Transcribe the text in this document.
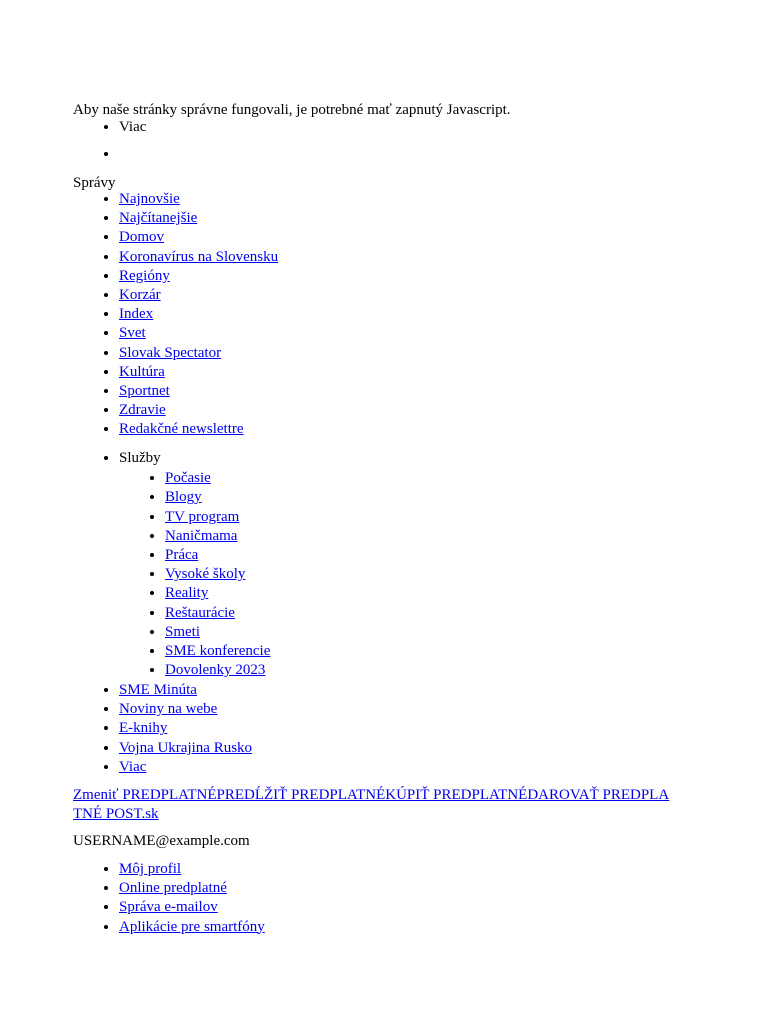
Aby naše stránky správne fungovali, je potrebné mať zapnutý Javascript.
• Viac
•
Správy
• Najnovšie
• Najčítanejšie
• Domov
• Koronavírus na Slovensku
• Regióny
• Korzár
• Index
• Svet
• Slovak Spectator
• Kultúra
• Sportnet
• Zdravie
• Redakčné newslettre
• Služby
• Počasie
• Blogy
• TV program
• Naničmama
• Práca
• Vysoké školy
• Reality
• Reštaurácie
• Smeti
• SME konferencie
• Dovolenky 2023
• SME Minúta
• Noviny na webe
• E-knihy
• Vojna Ukrajina Rusko
• Viac
Zmeniť PREDPLATNÉPREDĹŽIŤ PREDPLATNÉKÚPIŤ PREDPLATNÉDAROVAŤ PREDPLA
TNÉ POST.sk
USERNAME@example.com
• Môj profil
• Online predplatné
• Správa e-mailov
• Aplikácie pre smartfóny
